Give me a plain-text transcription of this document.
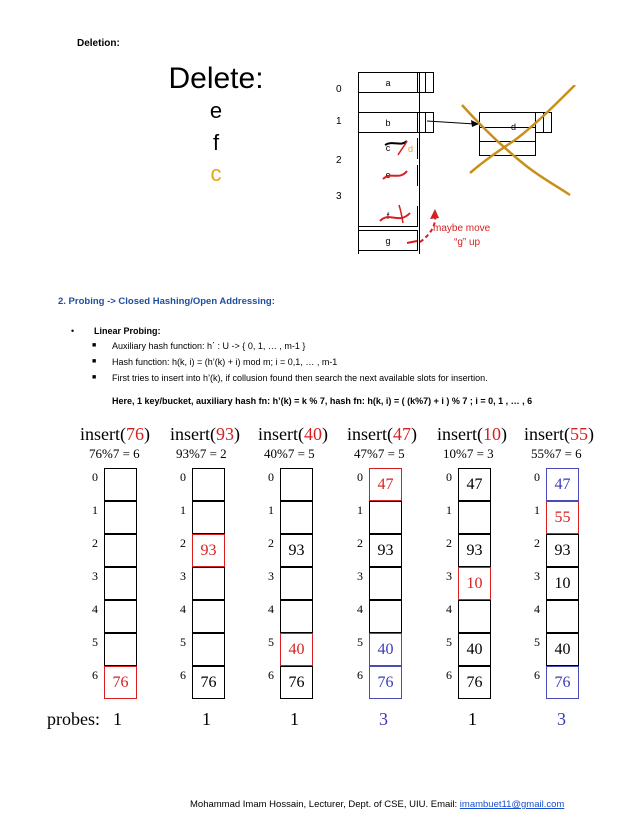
Deletion:
Delete:
e
f
c
0
1
2
3
a
b
c
e
f
g
d
d
maybe move
“g” up
2. Probing -> Closed Hashing/Open Addressing:
• Linear Probing:
■ Auxiliary hash function: h΄ : U -> { 0, 1, … , m-1 }
■ Hash function: h(k, i) = (h’(k) + i) mod m; i = 0,1, … , m-1
■ First tries to insert into h’(k), if collusion found then search the next available slots for insertion.
Here, 1 key/bucket, auxiliary hash fn: h’(k) = k % 7, hash fn: h(k, i) = ( (k%7) + i ) % 7 ; i = 0, 1 , … , 6
insert(76)
76%7 = 6
0
1
2
3
4
5
6 76
1
insert(93)
93%7 = 2
0
1
2 93
3
4
5
6 76
1
insert(40)
40%7 = 5
0
1
2 93
3
4
5 40
6 76
1
insert(47)
47%7 = 5
0 47
1
2 93
3
4
5 40
6 76
3
insert(10)
10%7 = 3
0 47
1
2 93
3 10
4
5 40
6 76
1
insert(55)
55%7 = 6
0 47
1 55
2 93
3 10
4
5 40
6 76
3
probes:
Mohammad Imam Hossain, Lecturer, Dept. of CSE, UIU. Email: imambuet11@gmail.com
